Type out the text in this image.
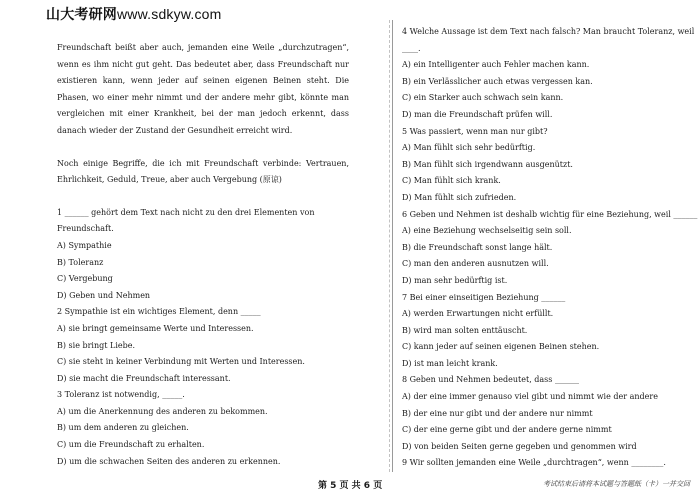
山大考研网www.sdkyw.com

Freundschaft beißt aber auch, jemanden eine Weile „durchzutragen“, wenn es ihm nicht gut geht. Das bedeutet aber, dass Freundschaft nur existieren kann, wenn jeder auf seinen eigenen Beinen steht. Die Phasen, wo einer mehr nimmt und der andere mehr gibt, könnte man vergleichen mit einer Krankheit, bei der man jedoch erkennt, dass danach wieder der Zustand der Gesundheit erreicht wird.

Noch einige Begriffe, die ich mit Freundschaft verbinde: Vertrauen, Ehrlichkeit, Geduld, Treue, aber auch Vergebung (原谅)

1 ______ gehört dem Text nach nicht zu den drei Elementen von
Freundschaft.
A) Sympathie
B) Toleranz
C) Vergebung
D) Geben und Nehmen
2 Sympathie ist ein wichtiges Element, denn _____
A) sie bringt gemeinsame Werte und Interessen.
B) sie bringt Liebe.
C) sie steht in keiner Verbindung mit Werten und Interessen.
D) sie macht die Freundschaft interessant.
3 Toleranz ist notwendig, _____.
A) um die Anerkennung des anderen zu bekommen.
B) um dem anderen zu gleichen.
C) um die Freundschaft zu erhalten.
D) um die schwachen Seiten des anderen zu erkennen.
4 Welche Aussage ist dem Text nach falsch? Man braucht Toleranz, weil
____.
A) ein Intelligenter auch Fehler machen kann.
B) ein Verlässlicher auch etwas vergessen kan.
C) ein Starker auch schwach sein kann.
D) man die Freundschaft prüfen will.
5 Was passiert, wenn man nur gibt?
A) Man fühlt sich sehr bedürftig.
B) Man fühlt sich irgendwann ausgenützt.
C) Man fühlt sich krank.
D) Man fühlt sich zufrieden.
6 Geben und Nehmen ist deshalb wichtig für eine Beziehung, weil ______
A) eine Beziehung wechselseitig sein soll.
B) die Freundschaft sonst lange hält.
C) man den anderen ausnutzen will.
D) man sehr bedürftig ist.
7 Bei einer einseitigen Beziehung ______
A) werden Erwartungen nicht erfüllt.
B) wird man solten enttäuscht.
C) kann jeder auf seinen eigenen Beinen stehen.
D) ist man leicht krank.
8 Geben und Nehmen bedeutet, dass ______
A) der eine immer genauso viel gibt und nimmt wie der andere
B) der eine nur gibt und der andere nur nimmt
C) der eine gerne gibt und der andere gerne nimmt
D) von beiden Seiten gerne gegeben und genommen wird
9 Wir sollten jemanden eine Weile „durchtragen“, wenn ________.
第 5 页 共 6 页	考试结束后请将本试题与答题纸（卡）一并交回
